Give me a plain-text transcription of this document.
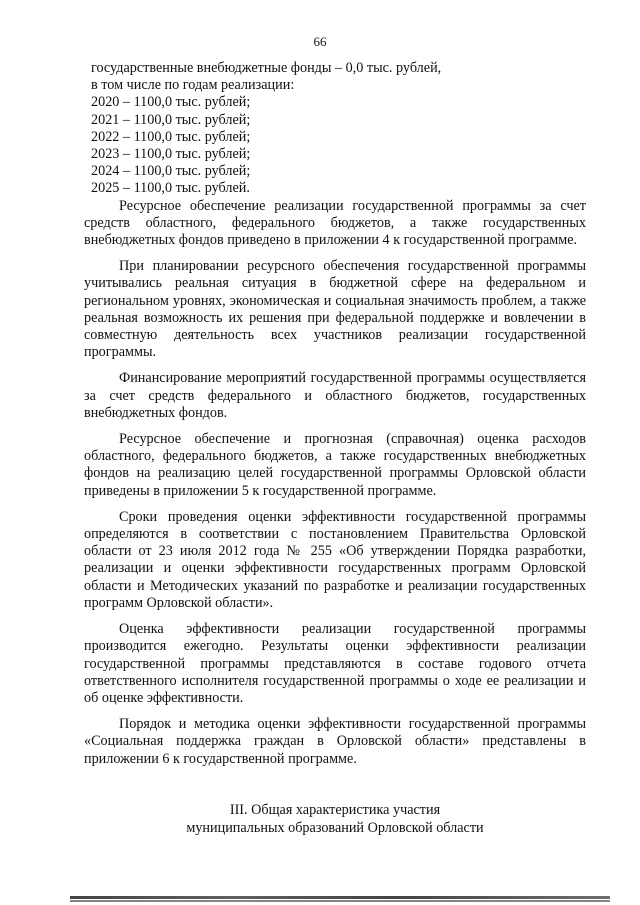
66
государственные внебюджетные фонды – 0,0 тыс. рублей,
в том числе по годам реализации:
2020 – 1100,0 тыс. рублей;
2021 – 1100,0 тыс. рублей;
2022 – 1100,0 тыс. рублей;
2023 – 1100,0 тыс. рублей;
2024 – 1100,0 тыс. рублей;
2025 – 1100,0 тыс. рублей.

Ресурсное обеспечение реализации государственной программы за счет средств областного, федерального бюджетов, а также государственных внебюджетных фондов приведено в приложении 4 к государственной программе.

При планировании ресурсного обеспечения государственной программы учитывались реальная ситуация в бюджетной сфере на федеральном и региональном уровнях, экономическая и социальная значимость проблем, а также реальная возможность их решения при федеральной поддержке и вовлечении в совместную деятельность всех участников реализации государственной программы.

Финансирование мероприятий государственной программы осуществляется за счет средств федерального и областного бюджетов, государственных внебюджетных фондов.

Ресурсное обеспечение и прогнозная (справочная) оценка расходов областного, федерального бюджетов, а также государственных внебюджетных фондов на реализацию целей государственной программы Орловской области приведены в приложении 5 к государственной программе.

Сроки проведения оценки эффективности государственной программы определяются в соответствии с постановлением Правительства Орловской области от 23 июля 2012 года № 255 «Об утверждении Порядка разработки, реализации и оценки эффективности государственных программ Орловской области и Методических указаний по разработке и реализации государственных программ Орловской области».

Оценка эффективности реализации государственной программы производится ежегодно. Результаты оценки эффективности реализации государственной программы представляются в составе годового отчета ответственного исполнителя государственной программы о ходе ее реализации и об оценке эффективности.

Порядок и методика оценки эффективности государственной программы «Социальная поддержка граждан в Орловской области» представлены в приложении 6 к государственной программе.

III. Общая характеристика участия
муниципальных образований Орловской области
